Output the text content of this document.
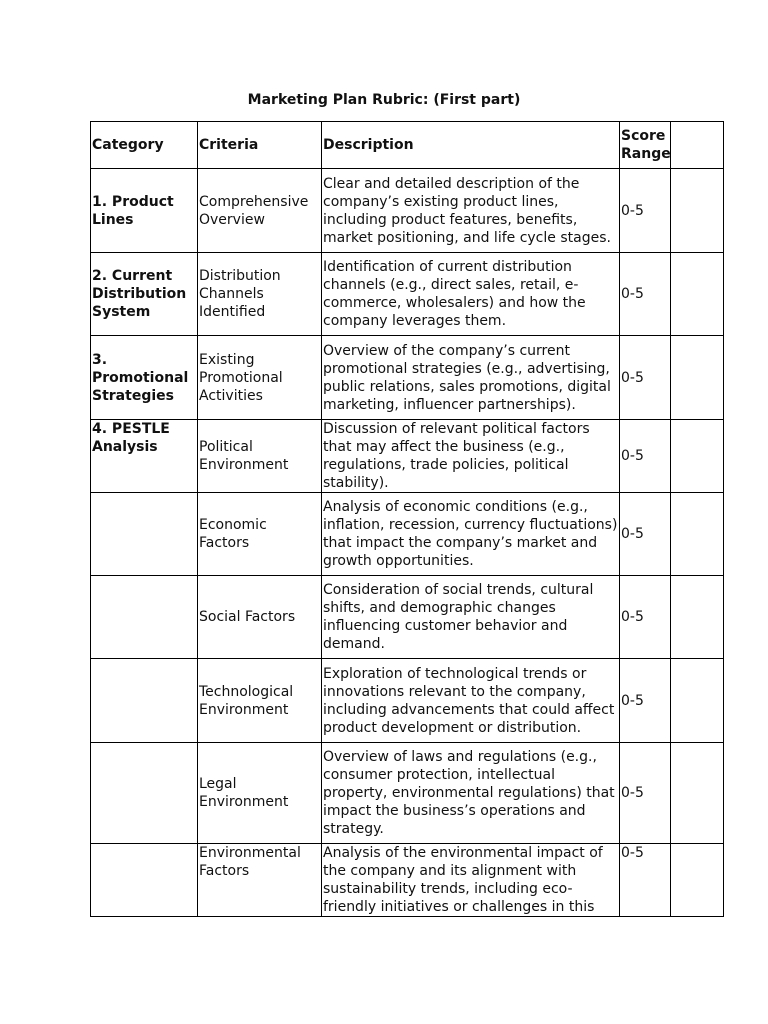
Marketing Plan Rubric: (First part)
Category	Criteria	Description	Score Range	
1. Product Lines	Comprehensive Overview	Clear and detailed description of the company’s existing product lines, including product features, benefits, market positioning, and life cycle stages.	0-5	
2. Current Distribution System	Distribution Channels Identified	Identification of current distribution channels (e.g., direct sales, retail, e-commerce, wholesalers) and how the company leverages them.	0-5	
3. Promotional Strategies	Existing Promotional Activities	Overview of the company’s current promotional strategies (e.g., advertising, public relations, sales promotions, digital marketing, influencer partnerships).	0-5	
4. PESTLE Analysis	Political Environment	Discussion of relevant political factors that may affect the business (e.g., regulations, trade policies, political stability).	0-5	
	Economic Factors	Analysis of economic conditions (e.g., inflation, recession, currency fluctuations) that impact the company’s market and growth opportunities.	0-5	
	Social Factors	Consideration of social trends, cultural shifts, and demographic changes influencing customer behavior and demand.	0-5	
	Technological Environment	Exploration of technological trends or innovations relevant to the company, including advancements that could affect product development or distribution.	0-5	
	Legal Environment	Overview of laws and regulations (e.g., consumer protection, intellectual property, environmental regulations) that impact the business’s operations and strategy.	0-5	
	Environmental Factors	Analysis of the environmental impact of the company and its alignment with sustainability trends, including eco-friendly initiatives or challenges in this	0-5	
